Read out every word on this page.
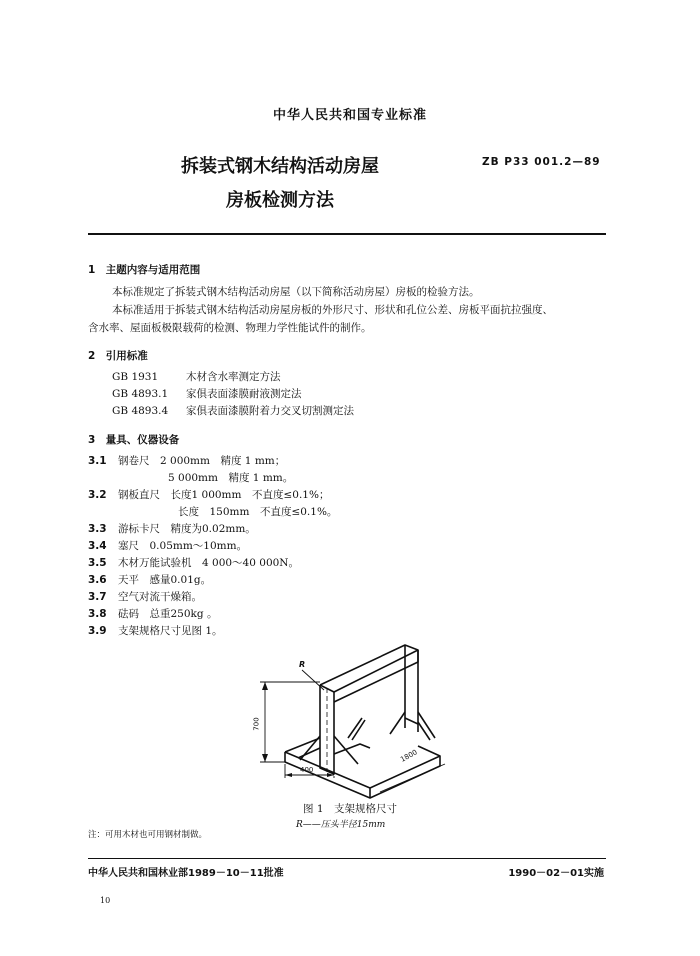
中华人民共和国专业标准
拆装式钢木结构活动房屋
房板检测方法
ZB P33 001.2—89
1　主题内容与适用范围
本标准规定了拆装式钢木结构活动房屋（以下简称活动房屋）房板的检验方法。
本标准适用于拆装式钢木结构活动房屋房板的外形尺寸、形状和孔位公差、房板平面抗拉强度、
含水率、屋面板极限载荷的检测、物理力学性能试件的制作。
2　引用标准
GB 1931	木材含水率测定方法
GB 4893.1 家俱表面漆膜耐液测定法
GB 4893.4 家俱表面漆膜附着力交叉切割测定法
3　量具、仪器设备
3.1 钢卷尺　2 000mm　精度 1 mm；
5 000mm　精度 1 mm。
3.2 钢板直尺　长度1 000mm　不直度≤0.1%；
长度　150mm　不直度≤0.1%。
3.3 游标卡尺　精度为0.02mm。
3.4 塞尺　0.05mm～10mm。
3.5 木材万能试验机　4 000～40 000N。
3.6 天平　感量0.01g。
3.7 空气对流干燥箱。
3.8 砝码　总重250kg 。
3.9 支架规格尺寸见图 1。
R
700
400
1800
图 1　支架规格尺寸
R——压头半径15mm
注：可用木材也可用钢材制做。
中华人民共和国林业部1989－10－11批准	1990－02－01实施
10
